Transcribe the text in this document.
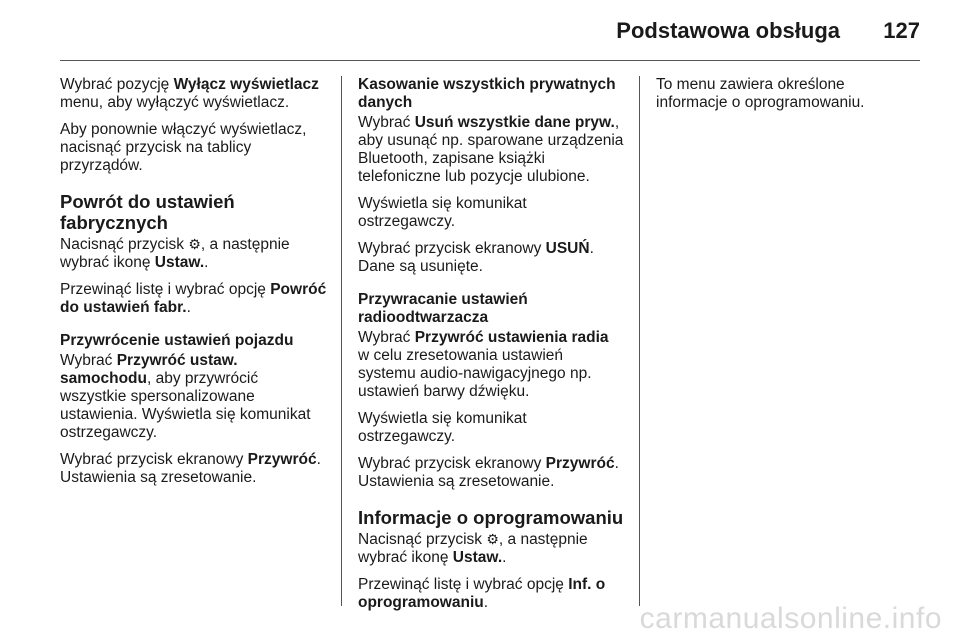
Podstawowa obsługa 127

Wybrać pozycję Wyłącz wyświetlacz menu, aby wyłączyć wyświetlacz.

Aby ponownie włączyć wyświetlacz, nacisnąć przycisk na tablicy przyrządów.

Powrót do ustawień fabrycznych

Nacisnąć przycisk ⚙, a następnie wybrać ikonę Ustaw..

Przewinąć listę i wybrać opcję Powróć do ustawień fabr..

Przywrócenie ustawień pojazdu

Wybrać Przywróć ustaw. samochodu, aby przywrócić wszystkie spersonalizowane ustawienia. Wyświetla się komunikat ostrzegawczy.

Wybrać przycisk ekranowy Przywróć. Ustawienia są zresetowanie.

Kasowanie wszystkich prywatnych danych

Wybrać Usuń wszystkie dane pryw., aby usunąć np. sparowane urządzenia Bluetooth, zapisane książki telefoniczne lub pozycje ulubione.

Wyświetla się komunikat ostrzegawczy.

Wybrać przycisk ekranowy USUŃ. Dane są usunięte.

Przywracanie ustawień radioodtwarzacza

Wybrać Przywróć ustawienia radia w celu zresetowania ustawień systemu audio-nawigacyjnego np. ustawień barwy dźwięku.

Wyświetla się komunikat ostrzegawczy.

Wybrać przycisk ekranowy Przywróć. Ustawienia są zresetowanie.

Informacje o oprogramowaniu

Nacisnąć przycisk ⚙, a następnie wybrać ikonę Ustaw..

Przewinąć listę i wybrać opcję Inf. o oprogramowaniu.

To menu zawiera określone informacje o oprogramowaniu.

carmanualsonline.info
